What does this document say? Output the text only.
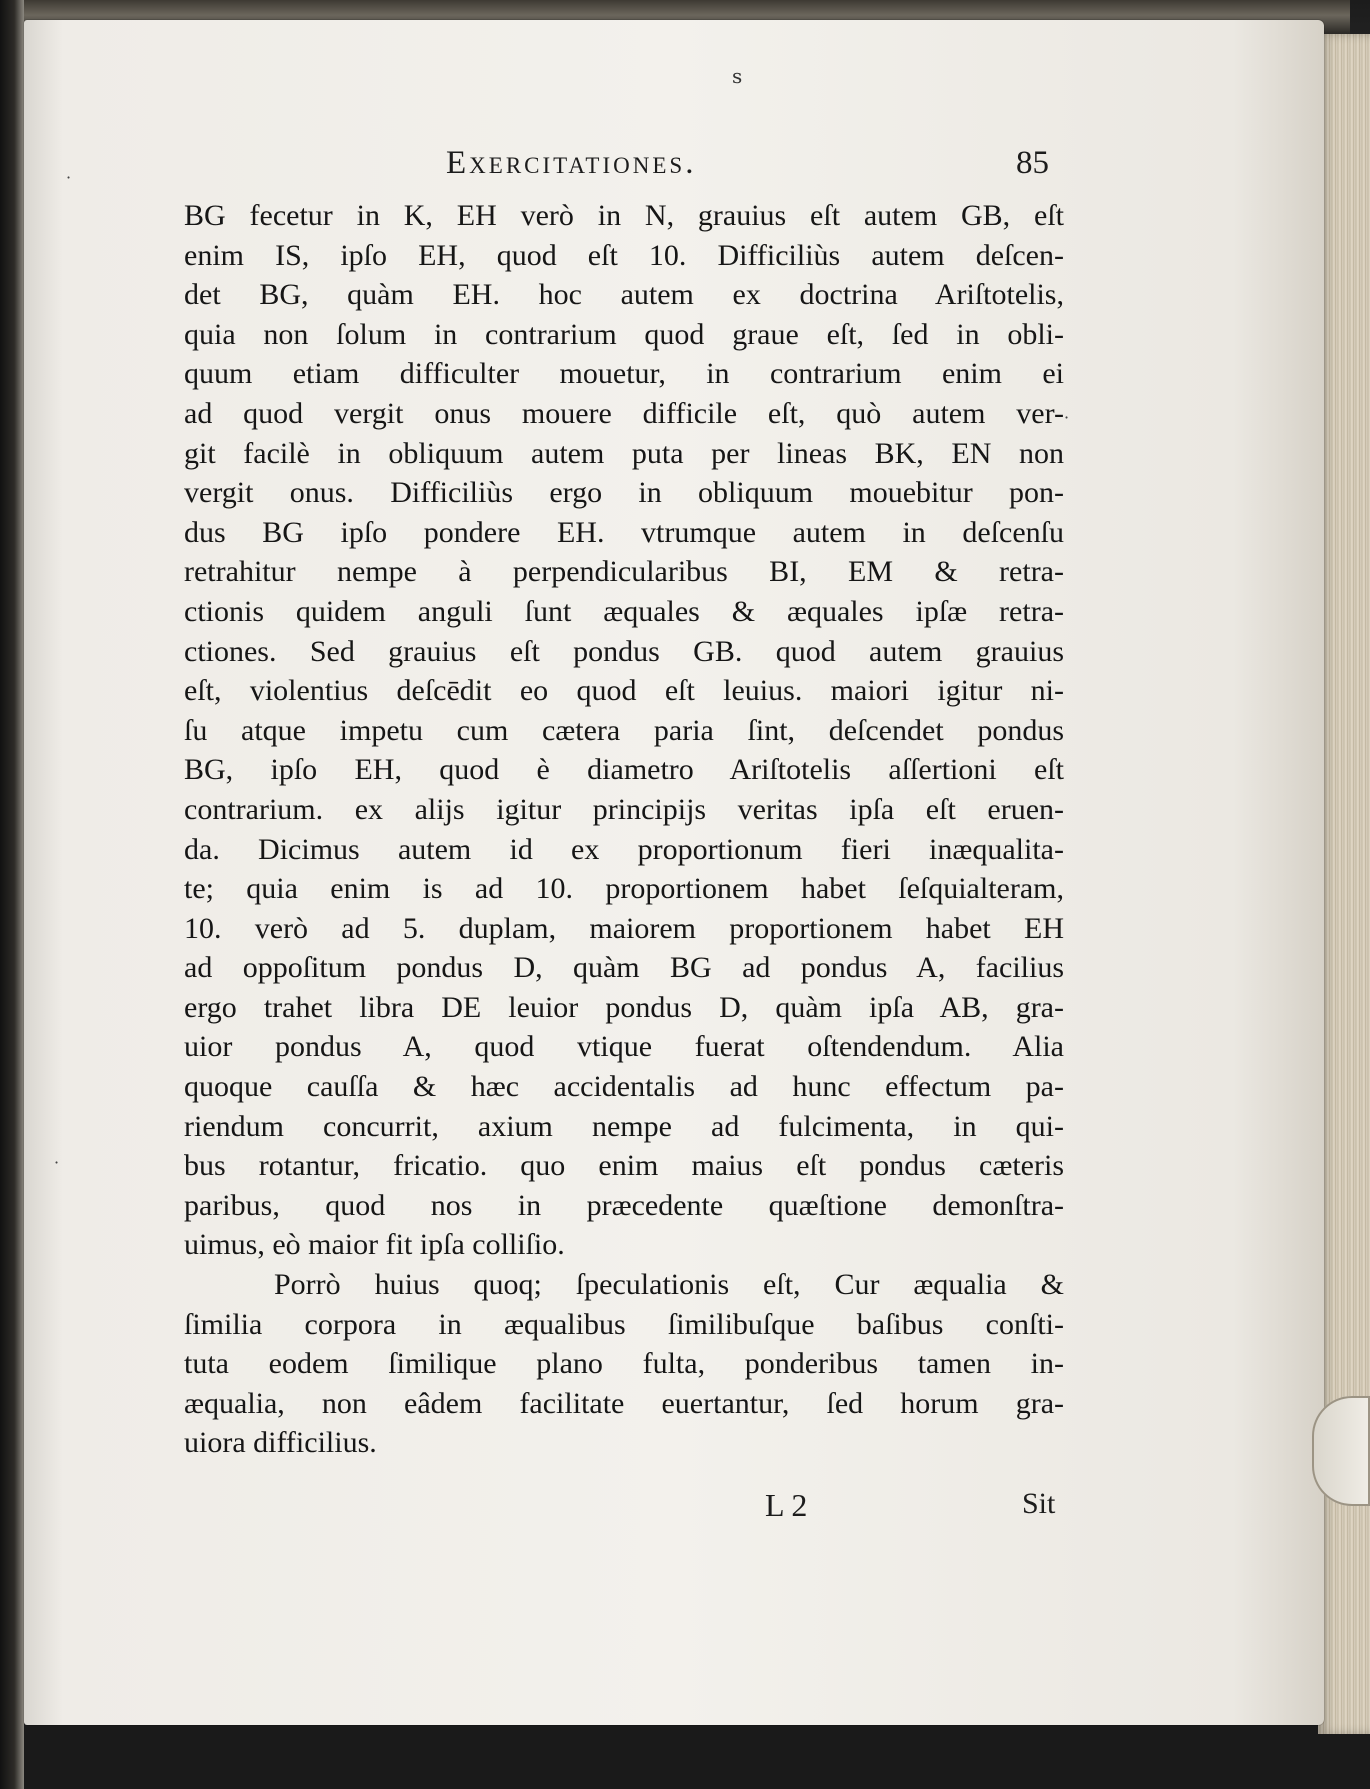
·
·
·
s
Exercitationes.	85
BG fecetur in K, EH verò in N, grauius eſt autem GB, eſt
enim IS, ipſo EH, quod eſt 10. Difficiliùs autem deſcen-
det BG, quàm EH. hoc autem ex doctrina Ariſtotelis,
quia non ſolum in contrarium quod graue eſt, ſed in obli-
quum etiam difficulter mouetur, in contrarium enim ei
ad quod vergit onus mouere difficile eſt, quò autem ver-
git facilè in obliquum autem puta per lineas BK, EN non
vergit onus. Difficiliùs ergo in obliquum mouebitur pon-
dus BG ipſo pondere EH. vtrumque autem in deſcenſu
retrahitur nempe à perpendicularibus BI, EM & retra-
ctionis quidem anguli ſunt æquales & æquales ipſæ retra-
ctiones. Sed grauius eſt pondus GB. quod autem grauius
eſt, violentius deſcēdit eo quod eſt leuius. maiori igitur ni-
ſu atque impetu cum cætera paria ſint, deſcendet pondus
BG, ipſo EH, quod è diametro Ariſtotelis aſſertioni eſt
contrarium. ex alijs igitur principijs veritas ipſa eſt eruen-
da. Dicimus autem id ex proportionum fieri inæqualita-
te; quia enim is ad 10. proportionem habet ſeſquialteram,
10. verò ad 5. duplam, maiorem proportionem habet EH
ad oppoſitum pondus D, quàm BG ad pondus A, facilius
ergo trahet libra DE leuior pondus D, quàm ipſa AB, gra-
uior pondus A, quod vtique fuerat oſtendendum. Alia
quoque cauſſa & hæc accidentalis ad hunc effectum pa-
riendum concurrit, axium nempe ad fulcimenta, in qui-
bus rotantur, fricatio. quo enim maius eſt pondus cæteris
paribus, quod nos in præcedente quæſtione demonſtra-
uimus, eò maior fit ipſa colliſio.
Porrò huius quoq; ſpeculationis eſt, Cur æqualia &
ſimilia corpora in æqualibus ſimilibuſque baſibus conſti-
tuta eodem ſimilique plano fulta, ponderibus tamen in-
æqualia, non eâdem facilitate euertantur, ſed horum gra-
uiora difficilius.
L 2	Sit
